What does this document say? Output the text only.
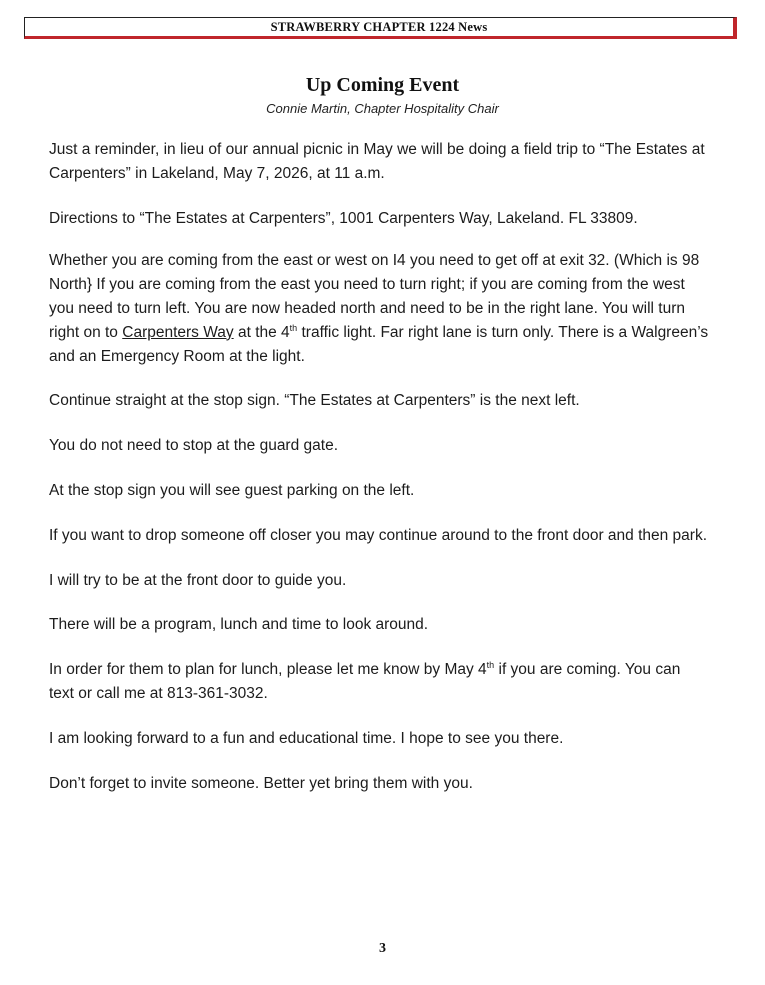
STRAWBERRY CHAPTER 1224 News
Up Coming Event
Connie Martin, Chapter Hospitality Chair

Just a reminder, in lieu of our annual picnic in May we will be doing a field trip to “The Estates at Carpenters” in Lakeland, May 7, 2026, at 11 a.m.

Directions to “The Estates at Carpenters”, 1001 Carpenters Way, Lakeland. FL 33809.

Whether you are coming from the east or west on I4 you need to get off at exit 32. (Which is 98 North} If you are coming from the east you need to turn right; if you are coming from the west you need to turn left. You are now headed north and need to be in the right lane. You will turn right on to Carpenters Way at the 4th traffic light. Far right lane is turn only. There is a Walgreen’s and an Emergency Room at the light.

Continue straight at the stop sign. “The Estates at Carpenters” is the next left.

You do not need to stop at the guard gate.

At the stop sign you will see guest parking on the left.

If you want to drop someone off closer you may continue around to the front door and then park.

I will try to be at the front door to guide you.

There will be a program, lunch and time to look around.

In order for them to plan for lunch, please let me know by May 4th if you are coming. You can text or call me at 813-361-3032.

I am looking forward to a fun and educational time. I hope to see you there.

Don’t forget to invite someone. Better yet bring them with you.

3
